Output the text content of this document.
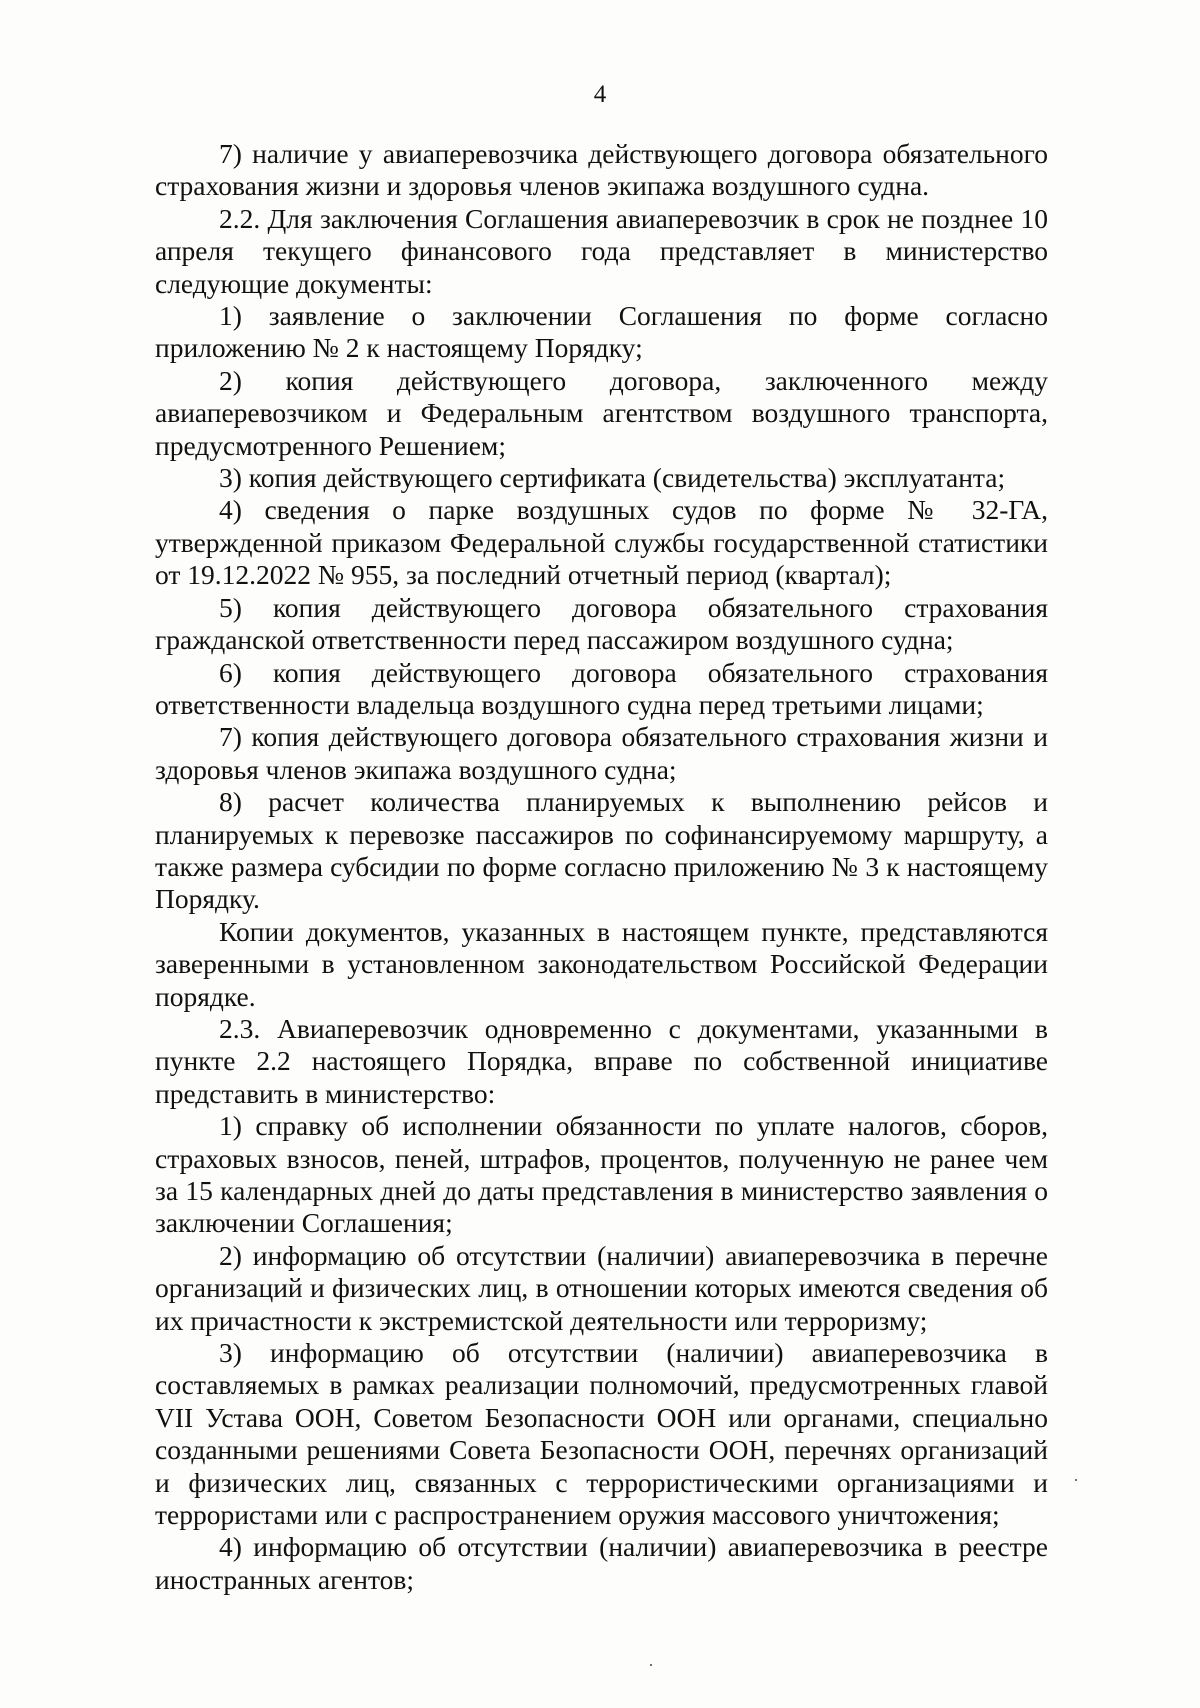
4

7) наличие у авиаперевозчика действующего договора обязательного страхования жизни и здоровья членов экипажа воздушного судна.

2.2. Для заключения Соглашения авиаперевозчик в срок не позднее 10 апреля текущего финансового года представляет в министерство следующие документы:

1) заявление о заключении Соглашения по форме согласно приложению № 2 к настоящему Порядку;

2) копия действующего договора, заключенного между авиаперевозчиком и Федеральным агентством воздушного транспорта, предусмотренного Решением;

3) копия действующего сертификата (свидетельства) эксплуатанта;

4) сведения о парке воздушных судов по форме № 32-ГА, утвержденной приказом Федеральной службы государственной статистики от 19.12.2022 № 955, за последний отчетный период (квартал);

5) копия действующего договора обязательного страхования гражданской ответственности перед пассажиром воздушного судна;

6) копия действующего договора обязательного страхования ответственности владельца воздушного судна перед третьими лицами;

7) копия действующего договора обязательного страхования жизни и здоровья членов экипажа воздушного судна;

8) расчет количества планируемых к выполнению рейсов и планируемых к перевозке пассажиров по софинансируемому маршруту, а также размера субсидии по форме согласно приложению № 3 к настоящему Порядку.

Копии документов, указанных в настоящем пункте, представляются заверенными в установленном законодательством Российской Федерации порядке.

2.3. Авиаперевозчик одновременно с документами, указанными в пункте 2.2 настоящего Порядка, вправе по собственной инициативе представить в министерство:

1) справку об исполнении обязанности по уплате налогов, сборов, страховых взносов, пеней, штрафов, процентов, полученную не ранее чем за 15 календарных дней до даты представления в министерство заявления о заключении Соглашения;

2) информацию об отсутствии (наличии) авиаперевозчика в перечне организаций и физических лиц, в отношении которых имеются сведения об их причастности к экстремистской деятельности или терроризму;

3) информацию об отсутствии (наличии) авиаперевозчика в составляемых в рамках реализации полномочий, предусмотренных главой VII Устава ООН, Советом Безопасности ООН или органами, специально созданными решениями Совета Безопасности ООН, перечнях организаций и физических лиц, связанных с террористическими организациями и террористами или с распространением оружия массового уничтожения;

4) информацию об отсутствии (наличии) авиаперевозчика в реестре иностранных агентов;
